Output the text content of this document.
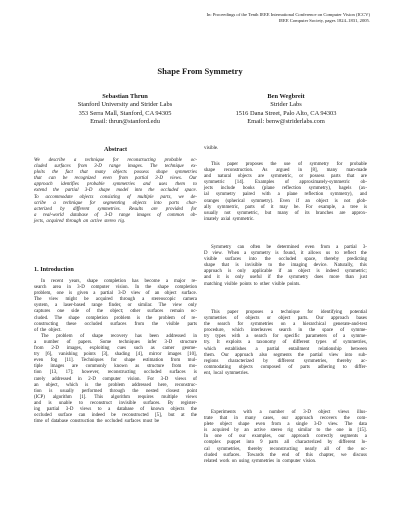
In: Proceedings of the Tenth IEEE International Conference on Computer Vision (ICCV)
IEEE Computer Society, pages 1824–1831, 2005.
Shape From Symmetry
Sebastian Thrun
Stanford University and Strider Labs
353 Serra Mall, Stanford, CA 94305
Email: thrun@stanford.edu
Ben Wegbreit
Strider Labs
1516 Dana Street, Palo Alto, CA 94303
Email: benw@striderlabs.com
Abstract
We describe a technique for reconstructing probable oc-
cluded surfaces from 3-D range images. The technique ex-
ploits the fact that many objects possess shape symmetries
that can be recognized even from partial 3-D views. Our
approach identifies probable symmetries and uses them to
extend the partial 3-D shape model into the occluded space.
To accommodate objects consisting of multiple parts, we de-
scribe a technique for segmenting objects into parts char-
acterized by different symmetries. Results are provided for
a real-world database of 3-D range images of common ob-
jects, acquired through an active stereo rig.
1. Introduction
In recent years, shape completion has become a major re-
search area in 3-D computer vision. In the shape completion
problem, one is given a partial 3-D view of an object surface.
The view might be acquired through a stereoscopic camera
system, a laser-based range finder, or similar. The view only
captures one side of the object; other surfaces remain oc-
cluded. The shape completion problem is the problem of re-
constructing these occluded surfaces from the visible parts
of the object.
The problem of shape recovery has been addressed in
a number of papers. Some techniques infer 3-D structure
from 2-D images, exploiting cues such as camer geome-
try [6], vanishing points [3], shading [4], mirror images [10],
even fog [11]. Techniques for shape estimation from mul-
tiple images are commonly known as structure from mo-
tion [13, 17]; however, reconstructing occluded surfaces is
rarely addressed in 2-D computer vision. For 3-D views of
an object, which is the problem addressed here, reconstruc-
tion is usually performed through the nested closest point
(ICP) algorithm [1]. This algorithm requires multiple views
and is unable to reconstruct invisible surfaces. By register-
ing partial 3-D views to a database of known objects the
occluded surface can indeed be reconstructed [5], but at the
time of database construction the occluded surfaces must be
visible.
This paper proposes the use of symmetry for probable
shape reconstruction. As argued in [8], many man-made
and natural objects are symmetric, or possess parts that are
symmetric [14]. Examples of approximately-symmetric ob-
jects include books (plane reflection symmetry), bagels (ax-
ial symmetry paired with a plane reflection symmetry), and
oranges (spherical symmetry). Even if an object is not glob-
ally symmetric, parts of it may be. For example, a tree is
usually not symmetric, but many of its branches are approx-
imately axial symmetric.
Symmetry can often be determined even from a partial 3-
D view. When a symmetry is found, it allows us to reflect the
visible surfaces into the occluded space, thereby predicting
shape that is invisible to the imaging device. Naturally, this
approach is only applicable if an object is indeed symmetric;
and it is only useful if the symmetry does more than just
matching visible points to other visible points.
This paper proposes a technique for identifying potential
symmetries of objects or object parts. Our approach bases
the search for symmetries on a hierarchical generate-and-test
procedure, which interleaves search in the space of symme-
try types with a search for specific parameters of a symme-
try. It exploits a taxonomy of different types of symmetries,
which establishes a partial entailment relationship between
them. Our approach also segments the partial view into sub-
regions characterized by different symmetries, thereby ac-
commodating objects composed of parts adhering to differ-
ent, local symmetries.
Experiments with a number of 3-D object views illus-
trate that in many cases, our approach recovers the com-
plete object shape even from a single 3-D view. The data
is acquired by an active stereo rig similar to the one in [15].
In one of our examples, our approach correctly segments a
complex puppet into 9 parts all characterized by different lo-
cal symmetries, thereby reconstructing nearly all of the oc-
cluded surfaces. Towards the end of this chapter, we discuss
related work on using symmetries in computer vision.
